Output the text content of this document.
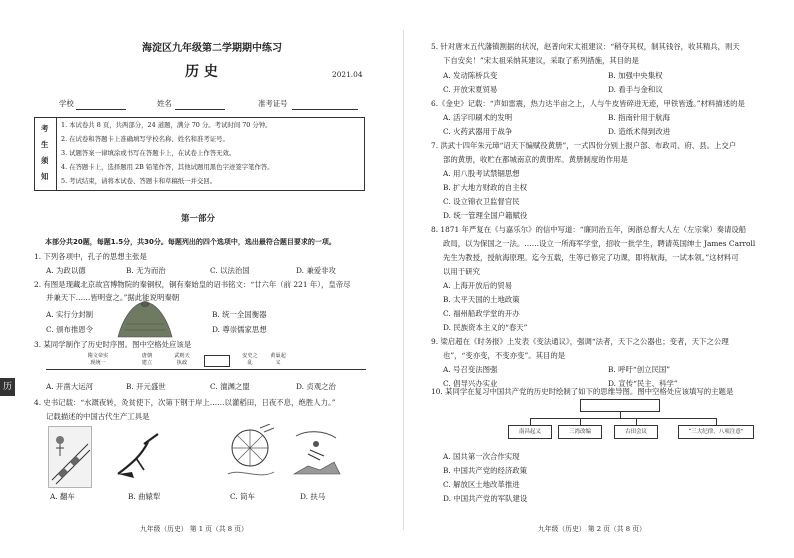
历
海淀区九年级第二学期期中练习
历 史	2021.04
学校	姓名	准考证号
考
生
须
知
1. 本试卷共 8 页，共两部分，24 道题，满分 70 分。考试时间 70 分钟。
2. 在试卷和答题卡上准确填写学校名称、姓名和准考证号。
3. 试题答案一律填涂或书写在答题卡上，在试卷上作答无效。
4. 在答题卡上，选择题用 2B 铅笔作答，其他试题用黑色字迹签字笔作答。
5. 考试结束，请将本试卷、答题卡和草稿纸一并交回。
第一部分
本部分共20题，每题1.5分，共30分。每题列出的四个选项中，选出最符合题目要求的一项。
1. 下列各项中，孔子的思想主张是
A. 为政以德	B. 无为而治	C. 以法治国	D. 兼爱非攻
2. 有图是现藏北京故宫博物院的秦铜权，铜有秦始皇的诏书铭文：“廿六年（前 221 年），皇帝尽
并兼天下……皆明壹之。”据此能说明秦朝
A. 实行分封制
C. 颁布推恩令
B. 统一全国衡器
D. 尊崇儒家思想
3. 某同学制作了历史时序图。图中空格处应该是
隋文帝实现统一
唐朝建立
武则天执政
安史之乱
黄巢起义
A. 开凿大运河	B. 开元盛世	C. 澶渊之盟	D. 贞观之治
4. 史书记载：“水溉夜转，灸贫使下，次第下钢于岸上……以灌稻田，日夜不息，绝胜人力。”
记载描述的中国古代生产工具是
A. 翻车	B. 曲辕犁	C. 筒车	D. 扶马
九年级（历史） 第 1 页（共 8 页）
5. 针对唐末五代藩镇割据的状况，赵普向宋太祖建议：“稍夺其权，制其钱谷，收其精兵，则天
下自安矣！”宋太祖采纳其建议，采取了系列措施，其目的是
A. 发动陈桥兵变	B. 加强中央集权
C. 开放宋夏贸易	D. 看手与金和议
6.《金史》记载：“声如雷震，热力达半亩之上，人与牛皮皆碎迸无迹，甲铁皆透。”材料描述的是
A. 活字印刷术的发明	B. 指南针用于航海
C. 火药武器用于战争	D. 造纸术得到改进
7. 洪武十四年朱元璋“诏天下编赋役黄册”，一式四份分别上报户部、布政司、府、县。上交户
部的黄册，收贮在都城南京的黄册库。黄册制度的作用是
A. 用八股考试禁锢思想
B. 扩大地方财政的自主权
C. 设立锦衣卫监督官民
D. 统一管理全国户籍赋役
8. 1871 年严复在《与嘉乐尔》的信中写道：“廉同治五年，闽浙总督大人左（左宗棠）奏请设船
政局，以为保国之一法。……设立一所海军学堂，招收一批学生，聘请英国绅士 James Carroll
先生为教授，授航海原理。迄今五载，生等已修完了功课，即将航海，一试本领。”这材料可
以用于研究
A. 上海开放后的贸易
B. 太平天国的土地政策
C. 福州船政学堂的开办
D. 民族资本主义的“春天”
9. 梁启超在《时务报》上发表《变法通议》，强调“法者，天下之公器也；变者，天下之公理
也”，“变亦变，不变亦变”。其目的是
A. 号召变法图强	B. 呼吁“创立民国”
C. 倡导兴办实业	D. 宣传“民主、科学”
10. 某同学在复习中国共产党的历史时绘制了如下的思维导图。图中空格处应该填写的主题是
南昌起义	三湾改编	古田会议	“三大纪律，八项注意”
A. 国共第一次合作实现
B. 中国共产党的经济政策
C. 解放区土地改革推进
D. 中国共产党的军队建设
九年级（历史） 第 2 页（共 8 页）
